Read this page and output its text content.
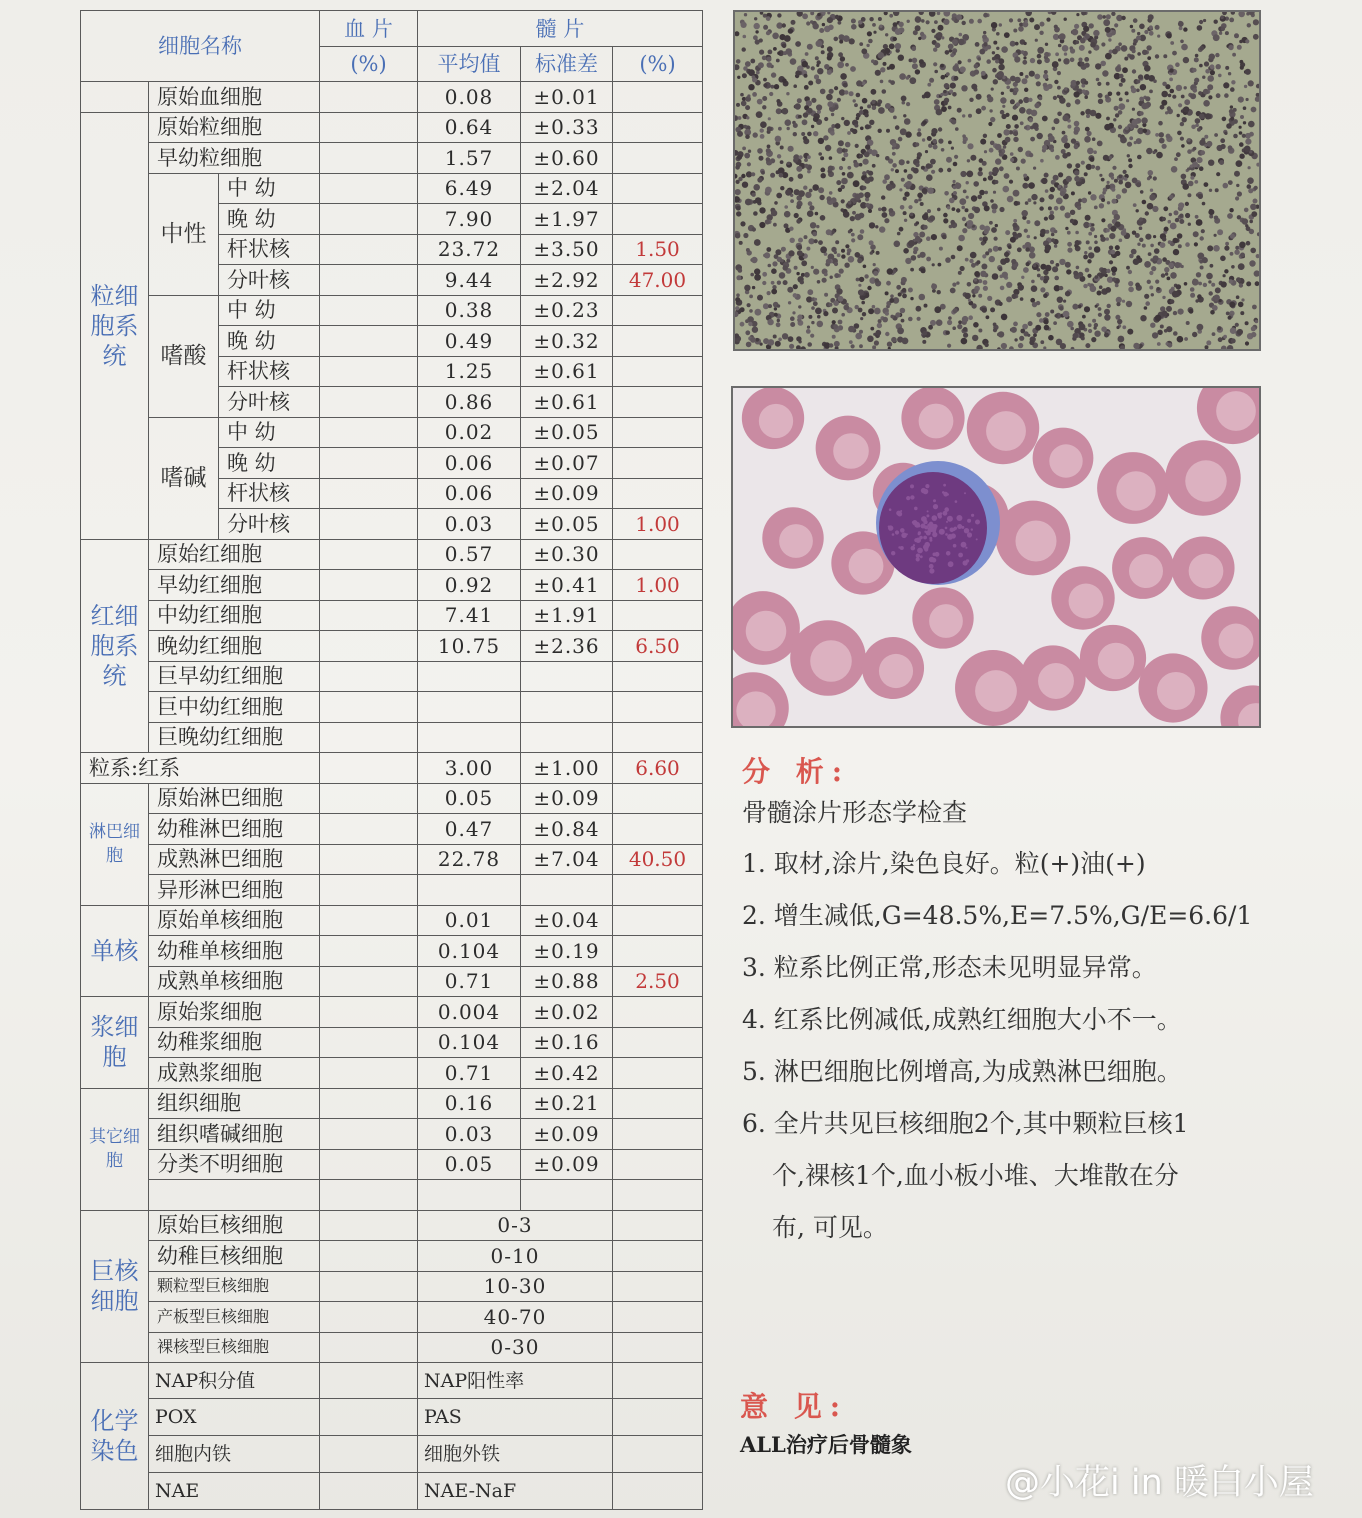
细胞名称			血 片	髓 片		
			(%)	平均值	标准差	(%)
	原始血细胞			0.08	±0.01	
粒细胞系统	原始粒细胞			0.64	±0.33	
	早幼粒细胞			1.57	±0.60	
	中性	中 幼		6.49	±2.04	
		晚 幼		7.90	±1.97	
		杆状核		23.72	±3.50	1.50
		分叶核		9.44	±2.92	47.00
	嗜酸	中 幼		0.38	±0.23	
		晚 幼		0.49	±0.32	
		杆状核		1.25	±0.61	
		分叶核		0.86	±0.61	
	嗜碱	中 幼		0.02	±0.05	
		晚 幼		0.06	±0.07	
		杆状核		0.06	±0.09	
		分叶核		0.03	±0.05	1.00
红细胞系统	原始红细胞			0.57	±0.30	
	早幼红细胞			0.92	±0.41	1.00
	中幼红细胞			7.41	±1.91	
	晚幼红细胞			10.75	±2.36	6.50
	巨早幼红细胞					
	巨中幼红细胞					
	巨晚幼红细胞					
粒系:红系				3.00	±1.00	6.60
淋巴细胞	原始淋巴细胞			0.05	±0.09	
	幼稚淋巴细胞			0.47	±0.84	
	成熟淋巴细胞			22.78	±7.04	40.50
	异形淋巴细胞					
单核	原始单核细胞			0.01	±0.04	
	幼稚单核细胞			0.104	±0.19	
	成熟单核细胞			0.71	±0.88	2.50
浆细胞	原始浆细胞			0.004	±0.02	
	幼稚浆细胞			0.104	±0.16	
	成熟浆细胞			0.71	±0.42	
其它细胞	组织细胞			0.16	±0.21	
	组织嗜碱细胞			0.03	±0.09	
	分类不明细胞			0.05	±0.09	

巨核细胞	原始巨核细胞			0-3		
	幼稚巨核细胞			0-10		
	颗粒型巨核细胞			10-30		
	产板型巨核细胞			40-70		
	裸核型巨核细胞			0-30		
化学染色	NAP积分值			NAP阳性率		
	POX			PAS		
	细胞内铁			细胞外铁		
	NAE			NAE-NaF		
分 析:
骨髓涂片形态学检查
1. 取材,涂片,染色良好。粒(+)油(+)
2. 增生减低,G=48.5%,E=7.5%,G/E=6.6/1
3. 粒系比例正常,形态未见明显异常。
4. 红系比例减低,成熟红细胞大小不一。
5. 淋巴细胞比例增高,为成熟淋巴细胞。
6. 全片共见巨核细胞2个,其中颗粒巨核1
个,裸核1个,血小板小堆、大堆散在分
布, 可见。
意 见:
ALL治疗后骨髓象
@小花i in 暖白小屋
